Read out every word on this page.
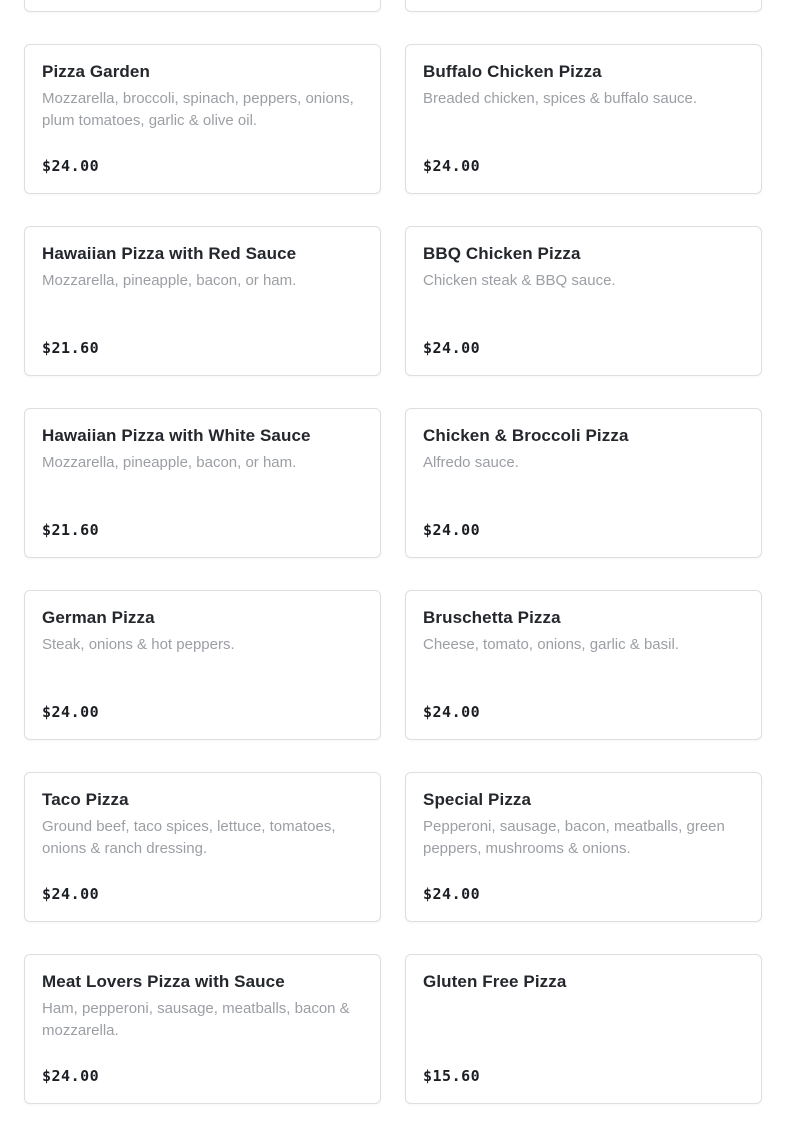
Pizza Garden
Mozzarella, broccoli, spinach, peppers, onions, plum tomatoes, garlic & olive oil.
$24.00
Buffalo Chicken Pizza
Breaded chicken, spices & buffalo sauce.
$24.00
Hawaiian Pizza with Red Sauce
Mozzarella, pineapple, bacon, or ham.
$21.60
BBQ Chicken Pizza
Chicken steak & BBQ sauce.
$24.00
Hawaiian Pizza with White Sauce
Mozzarella, pineapple, bacon, or ham.
$21.60
Chicken & Broccoli Pizza
Alfredo sauce.
$24.00
German Pizza
Steak, onions & hot peppers.
$24.00
Bruschetta Pizza
Cheese, tomato, onions, garlic & basil.
$24.00
Taco Pizza
Ground beef, taco spices, lettuce, tomatoes, onions & ranch dressing.
$24.00
Special Pizza
Pepperoni, sausage, bacon, meatballs, green peppers, mushrooms & onions.
$24.00
Meat Lovers Pizza with Sauce
Ham, pepperoni, sausage, meatballs, bacon & mozzarella.
$24.00
Gluten Free Pizza
$15.60
